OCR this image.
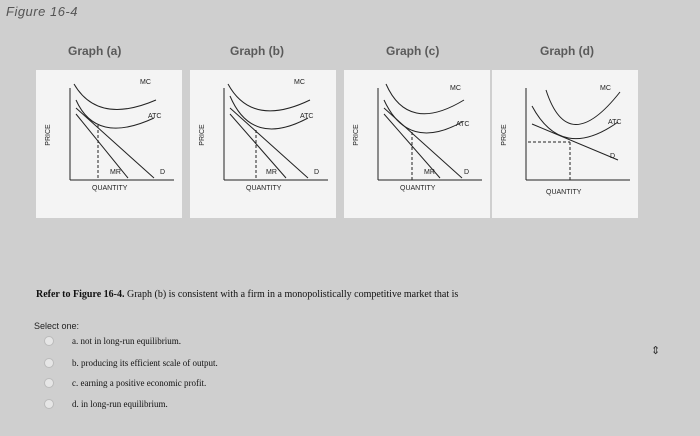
Figure 16-4
Graph (a)	Graph (b)	Graph (c)	Graph (d)
PRICE
QUANTITY
MC
ATC
MR	D
PRICE
QUANTITY
MC
ATC
MR	D
PRICE
QUANTITY
MC
ATC
MR	D
PRICE
QUANTITY
MC
ATC
D
Refer to Figure 16-4. Graph (b) is consistent with a firm in a monopolistically competitive market that is
Select one:
a. not in long-run equilibrium.
b. producing its efficient scale of output.
c. earning a positive economic profit.
d. in long-run equilibrium.
⇕
